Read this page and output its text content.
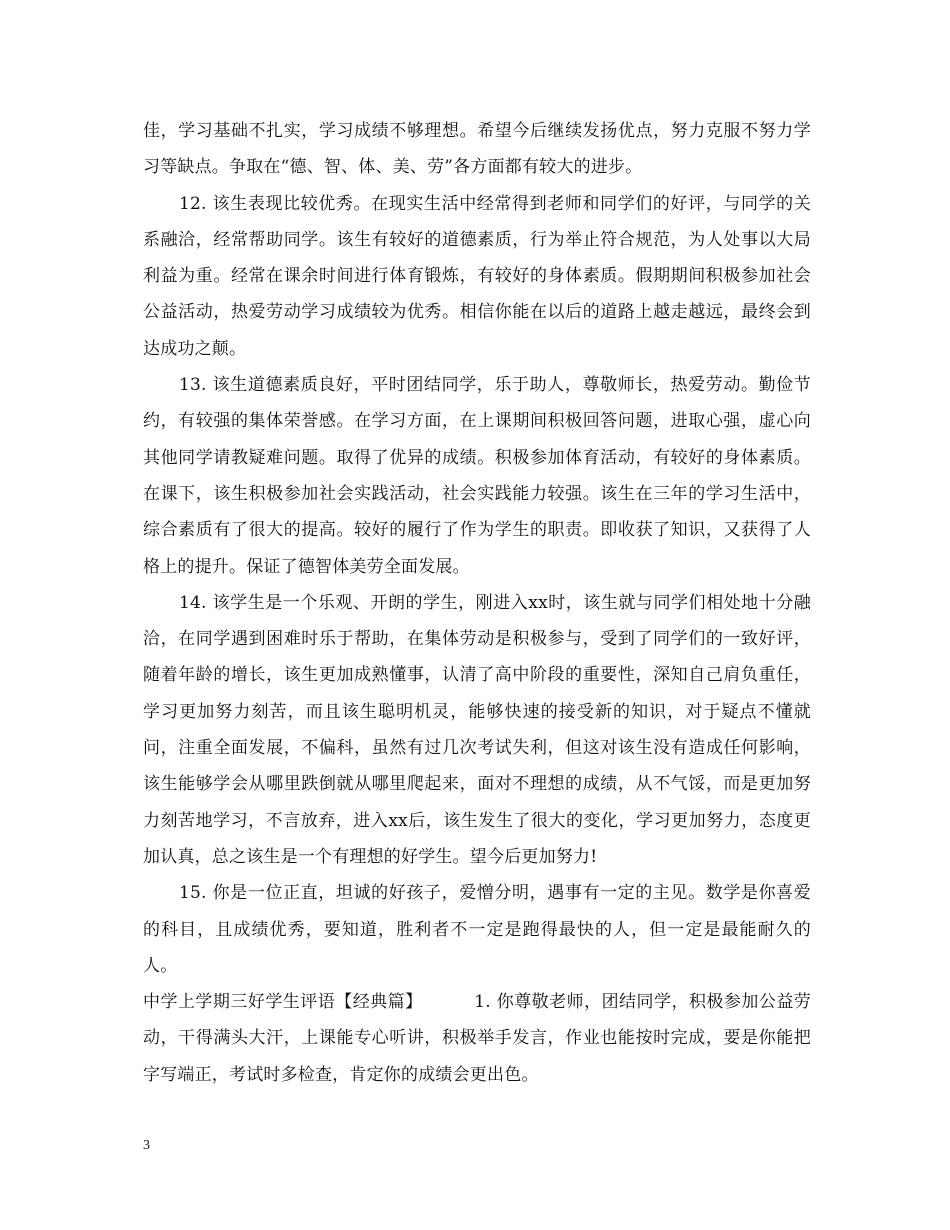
佳，学习基础不扎实，学习成绩不够理想。希望今后继续发扬优点，努力克服不努力学习等缺点。争取在“德、智、体、美、劳”各方面都有较大的进步。

12. 该生表现比较优秀。在现实生活中经常得到老师和同学们的好评，与同学的关系融洽，经常帮助同学。该生有较好的道德素质，行为举止符合规范，为人处事以大局利益为重。经常在课余时间进行体育锻炼，有较好的身体素质。假期期间积极参加社会公益活动，热爱劳动学习成绩较为优秀。相信你能在以后的道路上越走越远，最终会到达成功之颠。

13. 该生道德素质良好，平时团结同学，乐于助人，尊敬师长，热爱劳动。勤俭节约，有较强的集体荣誉感。在学习方面，在上课期间积极回答问题，进取心强，虚心向其他同学请教疑难问题。取得了优异的成绩。积极参加体育活动，有较好的身体素质。在课下，该生积极参加社会实践活动，社会实践能力较强。该生在三年的学习生活中，综合素质有了很大的提高。较好的履行了作为学生的职责。即收获了知识，又获得了人格上的提升。保证了德智体美劳全面发展。

14. 该学生是一个乐观、开朗的学生，刚进入xx时，该生就与同学们相处地十分融洽，在同学遇到困难时乐于帮助，在集体劳动是积极参与，受到了同学们的一致好评，随着年龄的增长，该生更加成熟懂事，认清了高中阶段的重要性，深知自己肩负重任，学习更加努力刻苦，而且该生聪明机灵，能够快速的接受新的知识，对于疑点不懂就问，注重全面发展，不偏科，虽然有过几次考试失利，但这对该生没有造成任何影响，该生能够学会从哪里跌倒就从哪里爬起来，面对不理想的成绩，从不气馁，而是更加努力刻苦地学习，不言放弃，进入xx后，该生发生了很大的变化，学习更加努力，态度更加认真，总之该生是一个有理想的好学生。望今后更加努力!

15. 你是一位正直，坦诚的好孩子，爱憎分明，遇事有一定的主见。数学是你喜爱的科目，且成绩优秀，要知道，胜利者不一定是跑得最快的人，但一定是最能耐久的人。

中学上学期三好学生评语【经典篇】   	1. 你尊敬老师，团结同学，积极参加公益劳动，干得满头大汗，上课能专心听讲，积极举手发言，作业也能按时完成，要是你能把字写端正，考试时多检查，肯定你的成绩会更出色。

3
